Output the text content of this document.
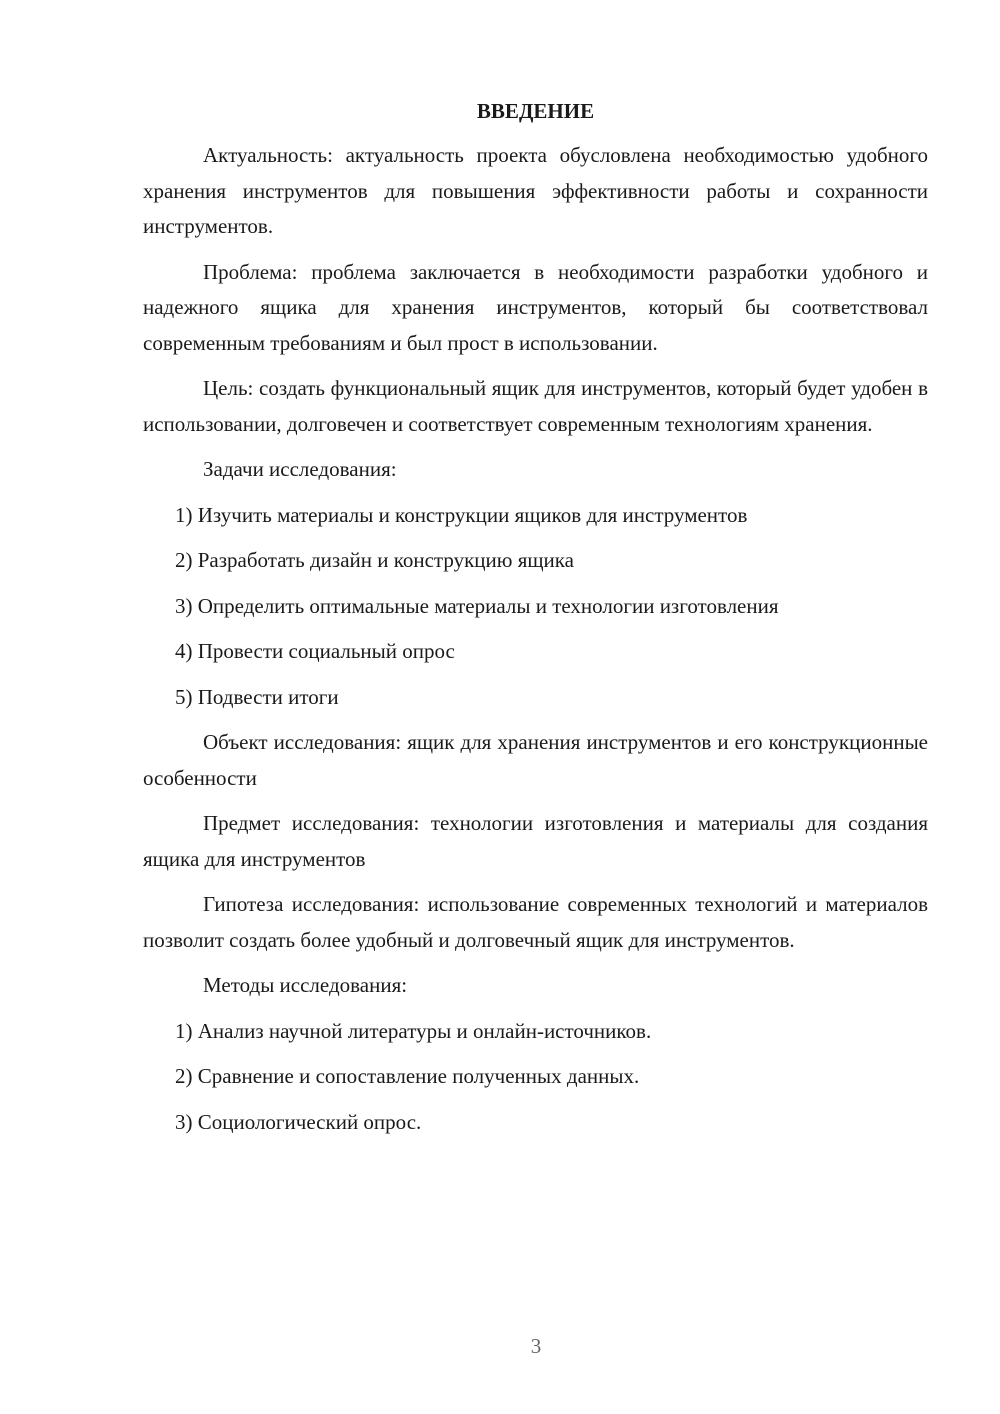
ВВЕДЕНИЕ

Актуальность: актуальность проекта обусловлена необходимостью удобного хранения инструментов для повышения эффективности работы и сохранности инструментов.

Проблема: проблема заключается в необходимости разработки удобного и надежного ящика для хранения инструментов, который бы соответствовал современным требованиям и был прост в использовании.

Цель: создать функциональный ящик для инструментов, который будет удобен в использовании, долговечен и соответствует современным технологиям хранения.

Задачи исследования:

1) Изучить материалы и конструкции ящиков для инструментов
2) Разработать дизайн и конструкцию ящика
3) Определить оптимальные материалы и технологии изготовления
4) Провести социальный опрос
5) Подвести итоги

Объект исследования: ящик для хранения инструментов и его конструкционные особенности

Предмет исследования: технологии изготовления и материалы для создания ящика для инструментов

Гипотеза исследования: использование современных технологий и материалов позволит создать более удобный и долговечный ящик для инструментов.

Методы исследования:

1) Анализ научной литературы и онлайн-источников.
2) Сравнение и сопоставление полученных данных.
3) Социологический опрос.
3
